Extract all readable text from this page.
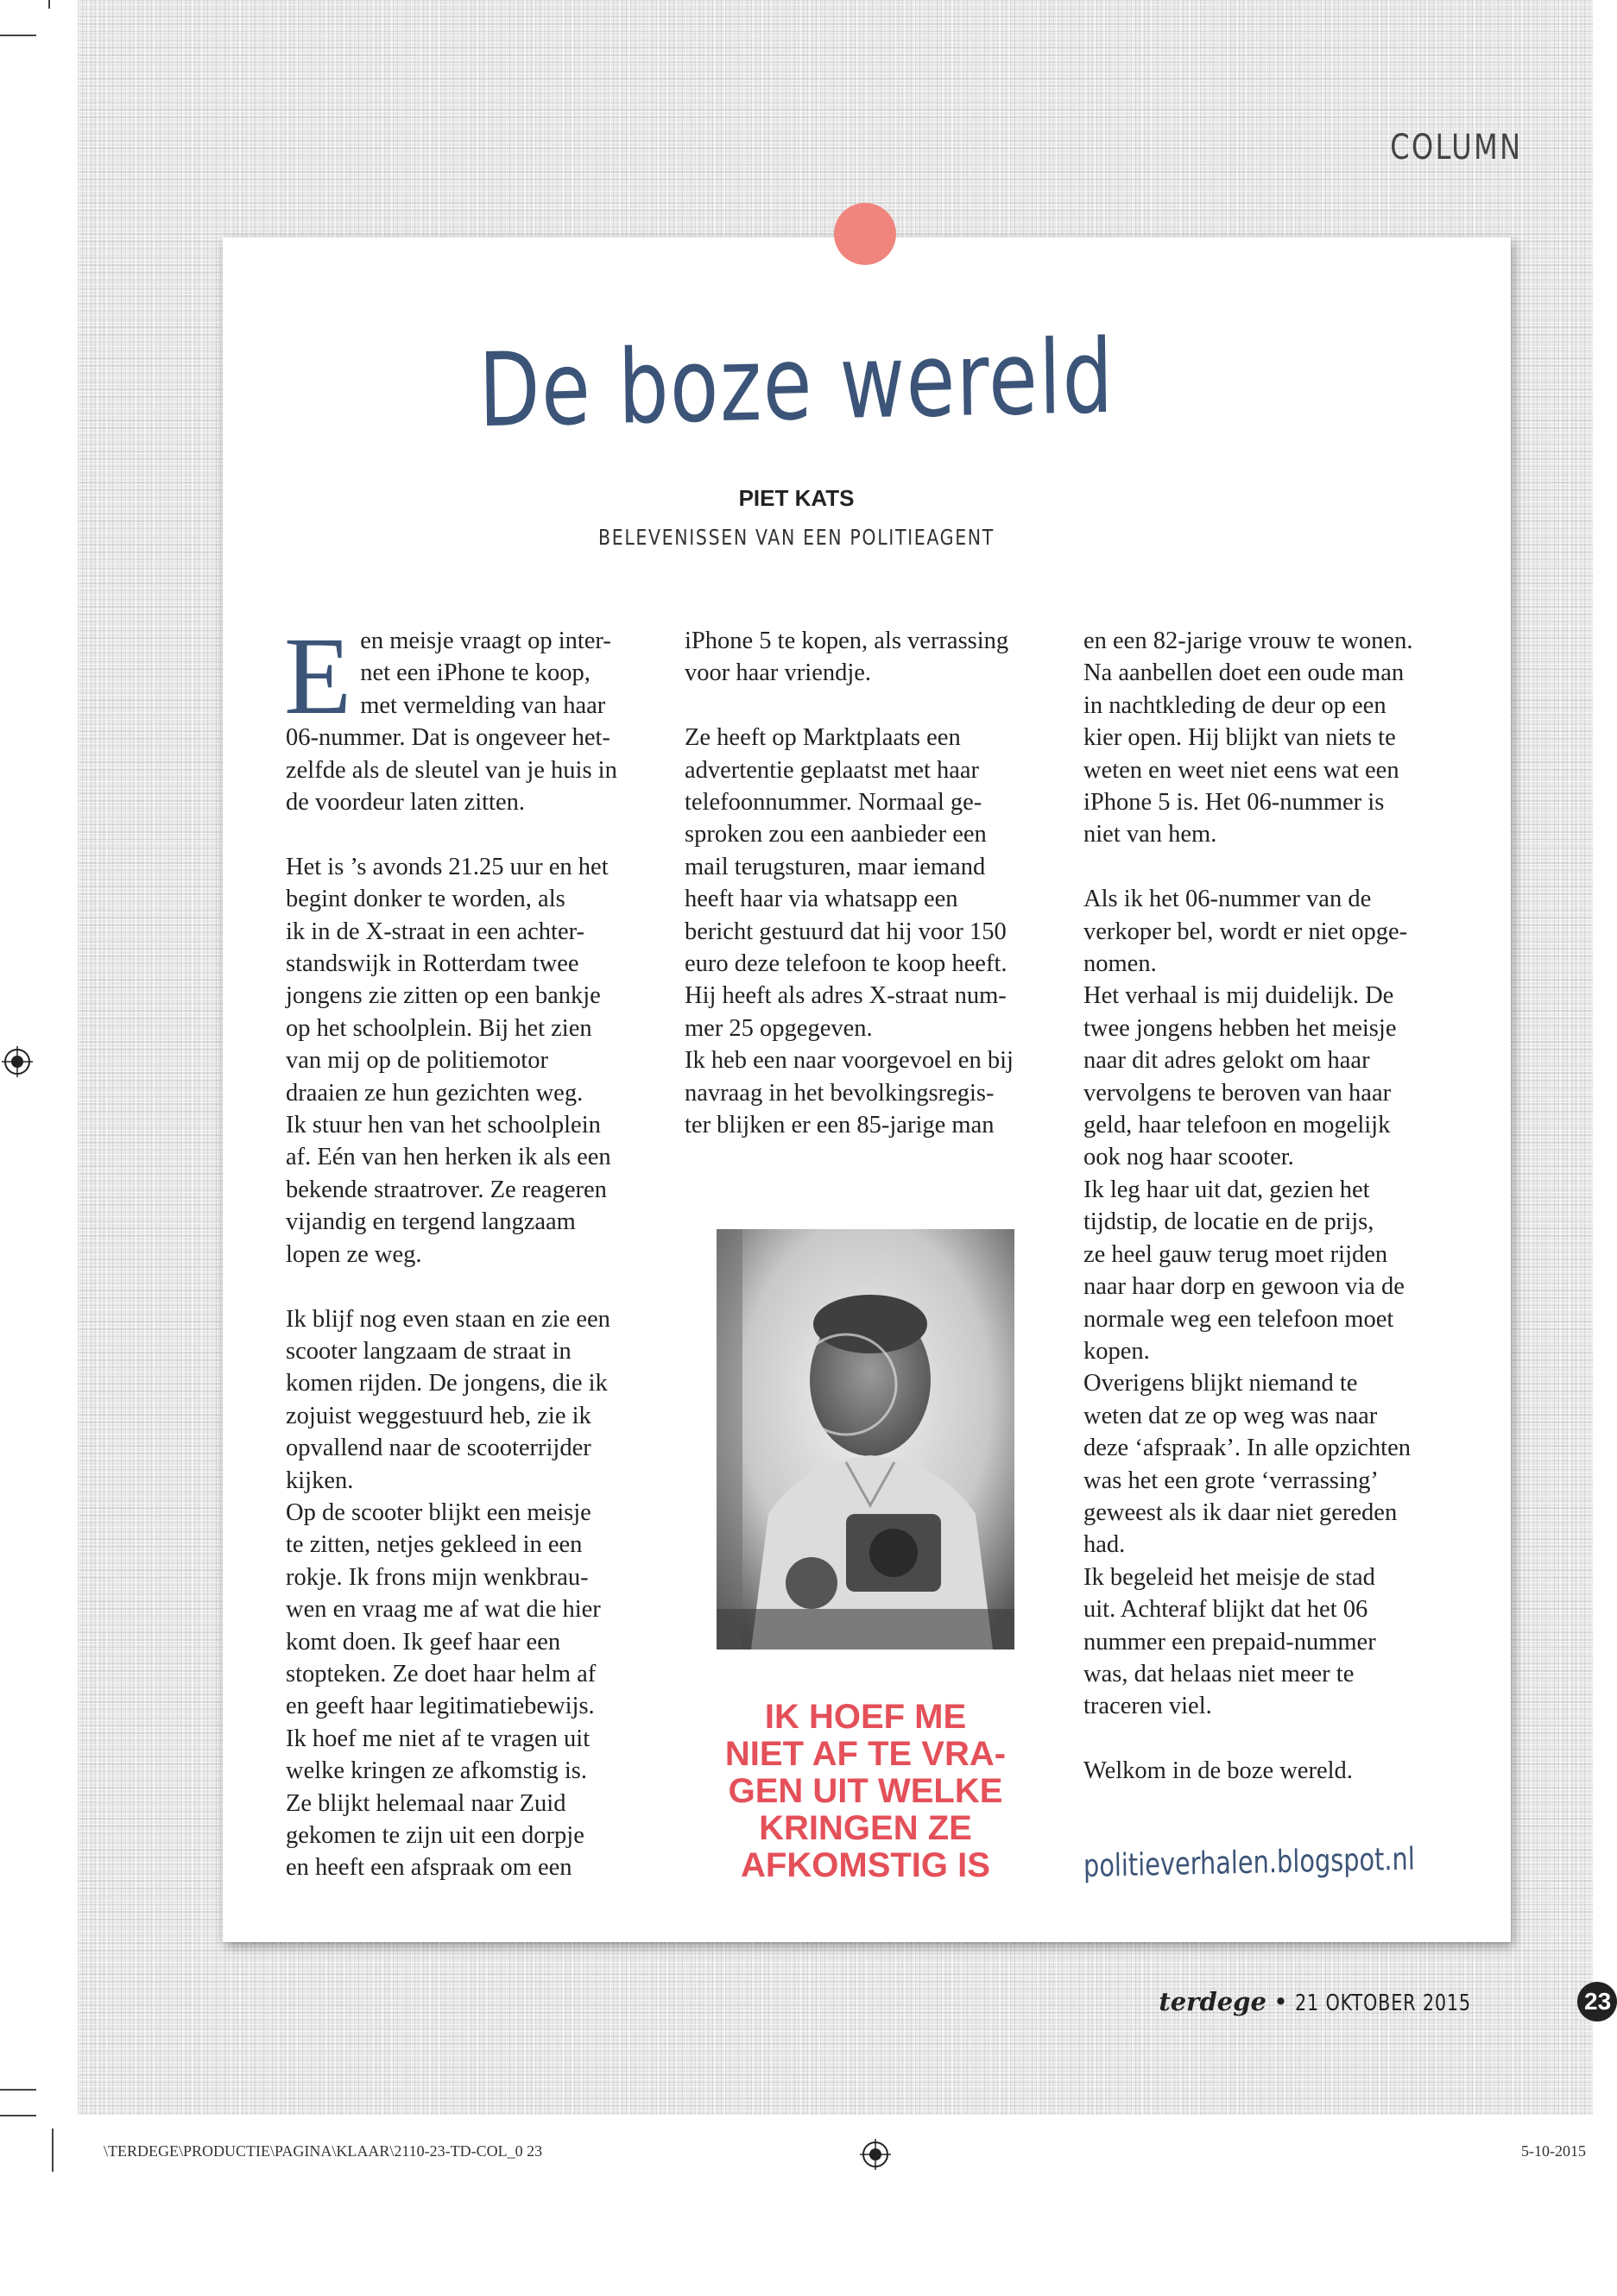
COLUMN
De boze wereld
PIET KATS
BELEVENISSEN VAN EEN POLITIEAGENT

Een meisje vraagt op inter-
net een iPhone te koop,
met vermelding van haar
06-nummer. Dat is ongeveer het-
zelfde als de sleutel van je huis in
de voordeur laten zitten.

Het is ’s avonds 21.25 uur en het
begint donker te worden, als
ik in de X-straat in een achter-
standswijk in Rotterdam twee
jongens zie zitten op een bankje
op het schoolplein. Bij het zien
van mij op de politiemotor
draaien ze hun gezichten weg.
Ik stuur hen van het schoolplein
af. Eén van hen herken ik als een
bekende straatrover. Ze reageren
vijandig en tergend langzaam
lopen ze weg.

Ik blijf nog even staan en zie een
scooter langzaam de straat in
komen rijden. De jongens, die ik
zojuist weggestuurd heb, zie ik
opvallend naar de scooterrijder
kijken.
Op de scooter blijkt een meisje
te zitten, netjes gekleed in een
rokje. Ik frons mijn wenkbrau-
wen en vraag me af wat die hier
komt doen. Ik geef haar een
stopteken. Ze doet haar helm af
en geeft haar legitimatiebewijs.
Ik hoef me niet af te vragen uit
welke kringen ze afkomstig is.
Ze blijkt helemaal naar Zuid
gekomen te zijn uit een dorpje
en heeft een afspraak om een

iPhone 5 te kopen, als verrassing
voor haar vriendje.

Ze heeft op Marktplaats een
advertentie geplaatst met haar
telefoonnummer. Normaal ge-
sproken zou een aanbieder een
mail terugsturen, maar iemand
heeft haar via whatsapp een
bericht gestuurd dat hij voor 150
euro deze telefoon te koop heeft.
Hij heeft als adres X-straat num-
mer 25 opgegeven.
Ik heb een naar voorgevoel en bij
navraag in het bevolkingsregis-
ter blijken er een 85-jarige man

en een 82-jarige vrouw te wonen.
Na aanbellen doet een oude man
in nachtkleding de deur op een
kier open. Hij blijkt van niets te
weten en weet niet eens wat een
iPhone 5 is. Het 06-nummer is
niet van hem.

Als ik het 06-nummer van de
verkoper bel, wordt er niet opge-
nomen.
Het verhaal is mij duidelijk. De
twee jongens hebben het meisje
naar dit adres gelokt om haar
vervolgens te beroven van haar
geld, haar telefoon en mogelijk
ook nog haar scooter.
Ik leg haar uit dat, gezien het
tijdstip, de locatie en de prijs,
ze heel gauw terug moet rijden
naar haar dorp en gewoon via de
normale weg een telefoon moet
kopen.
Overigens blijkt niemand te
weten dat ze op weg was naar
deze ‘afspraak’. In alle opzichten
was het een grote ‘verrassing’
geweest als ik daar niet gereden
had.
Ik begeleid het meisje de stad
uit. Achteraf blijkt dat het 06
nummer een prepaid-nummer
was, dat helaas niet meer te
traceren viel.

Welkom in de boze wereld.

IK HOEF ME
NIET AF TE VRA-
GEN UIT WELKE
KRINGEN ZE
AFKOMSTIG IS	politieverhalen.blogspot.nl
terdege • 21 OKTOBER 2015	23
\TERDEGE\PRODUCTIE\PAGINA\KLAAR\2110-23-TD-COL_0 23	5-10-2015
